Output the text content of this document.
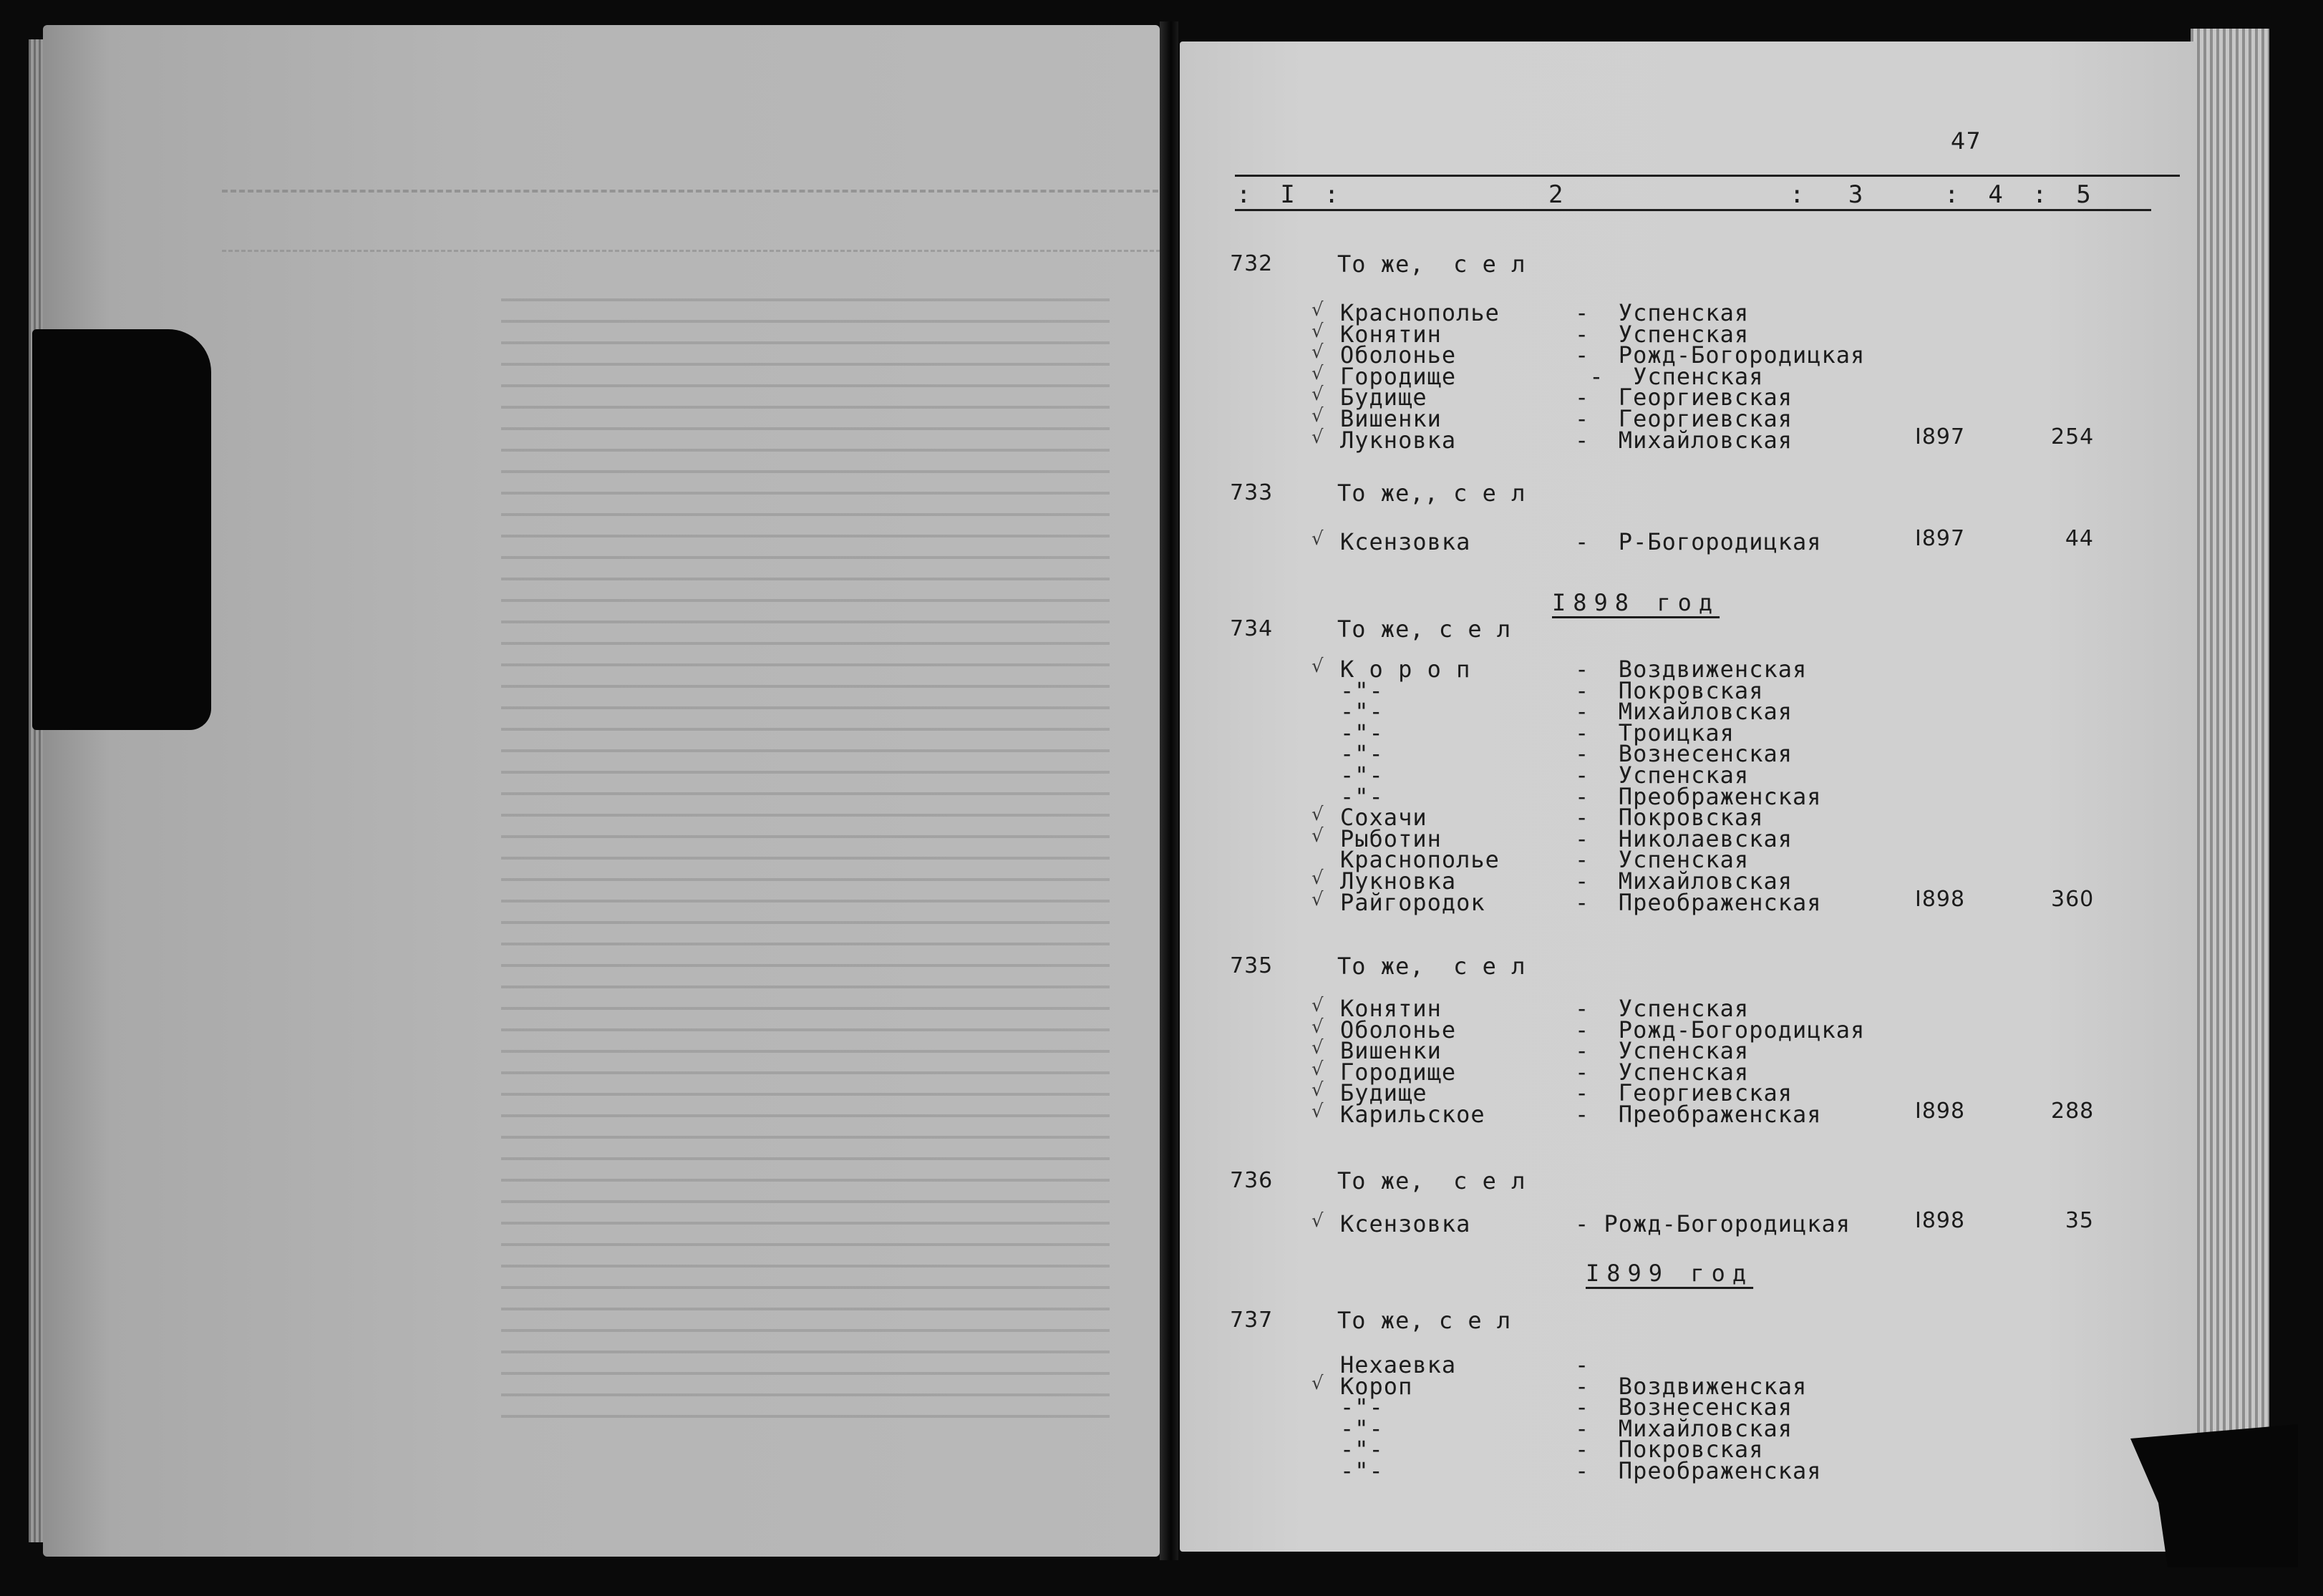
47
:  I  :	2	:   3	:  4  :  5
732	То же,  с е л
√ Краснополье	-  Успенская
√ Конятин	-  Успенская
√ Оболонье	-  Рожд-Богородицкая
√ Городище	-  Успенская
√ Будище	-  Георгиевская
√ Вишенки	-  Георгиевская
√ Лукновка	-  Михайловская	I897	254
733	То же,, с е л
√ Ксензовка	-  Р-Богородицкая	I897	44
734	То же, с е л
√ К о р о п	-  Воздвиженская
-"-	-  Покровская
-"-	-  Михайловская
-"-	-  Троицкая
-"-	-  Вознесенская
-"-	-  Успенская
-"-	-  Преображенская
√ Сохачи	-  Покровская
√ Рыботин	-  Николаевская
Краснополье	-  Успенская
√ Лукновка	-  Михайловская
√ Райгородок	-  Преображенская	I898	360
735	То же,  с е л
√ Конятин	-  Успенская
√ Оболонье	-  Рожд-Богородицкая
√ Вишенки	-  Успенская
√ Городище	-  Успенская
√ Будище	-  Георгиевская
√ Карильское	-  Преображенская	I898	288
736	То же,  с е л
√ Ксензовка	- Рожд-Богородицкая	I898	35
737	То же, с е л
Нехаевка	-
√ Короп	-  Воздвиженская
-"-	-  Вознесенская
-"-	-  Михайловская
-"-	-  Покровская
-"-	-  Преображенская
I898 год
I899 год
